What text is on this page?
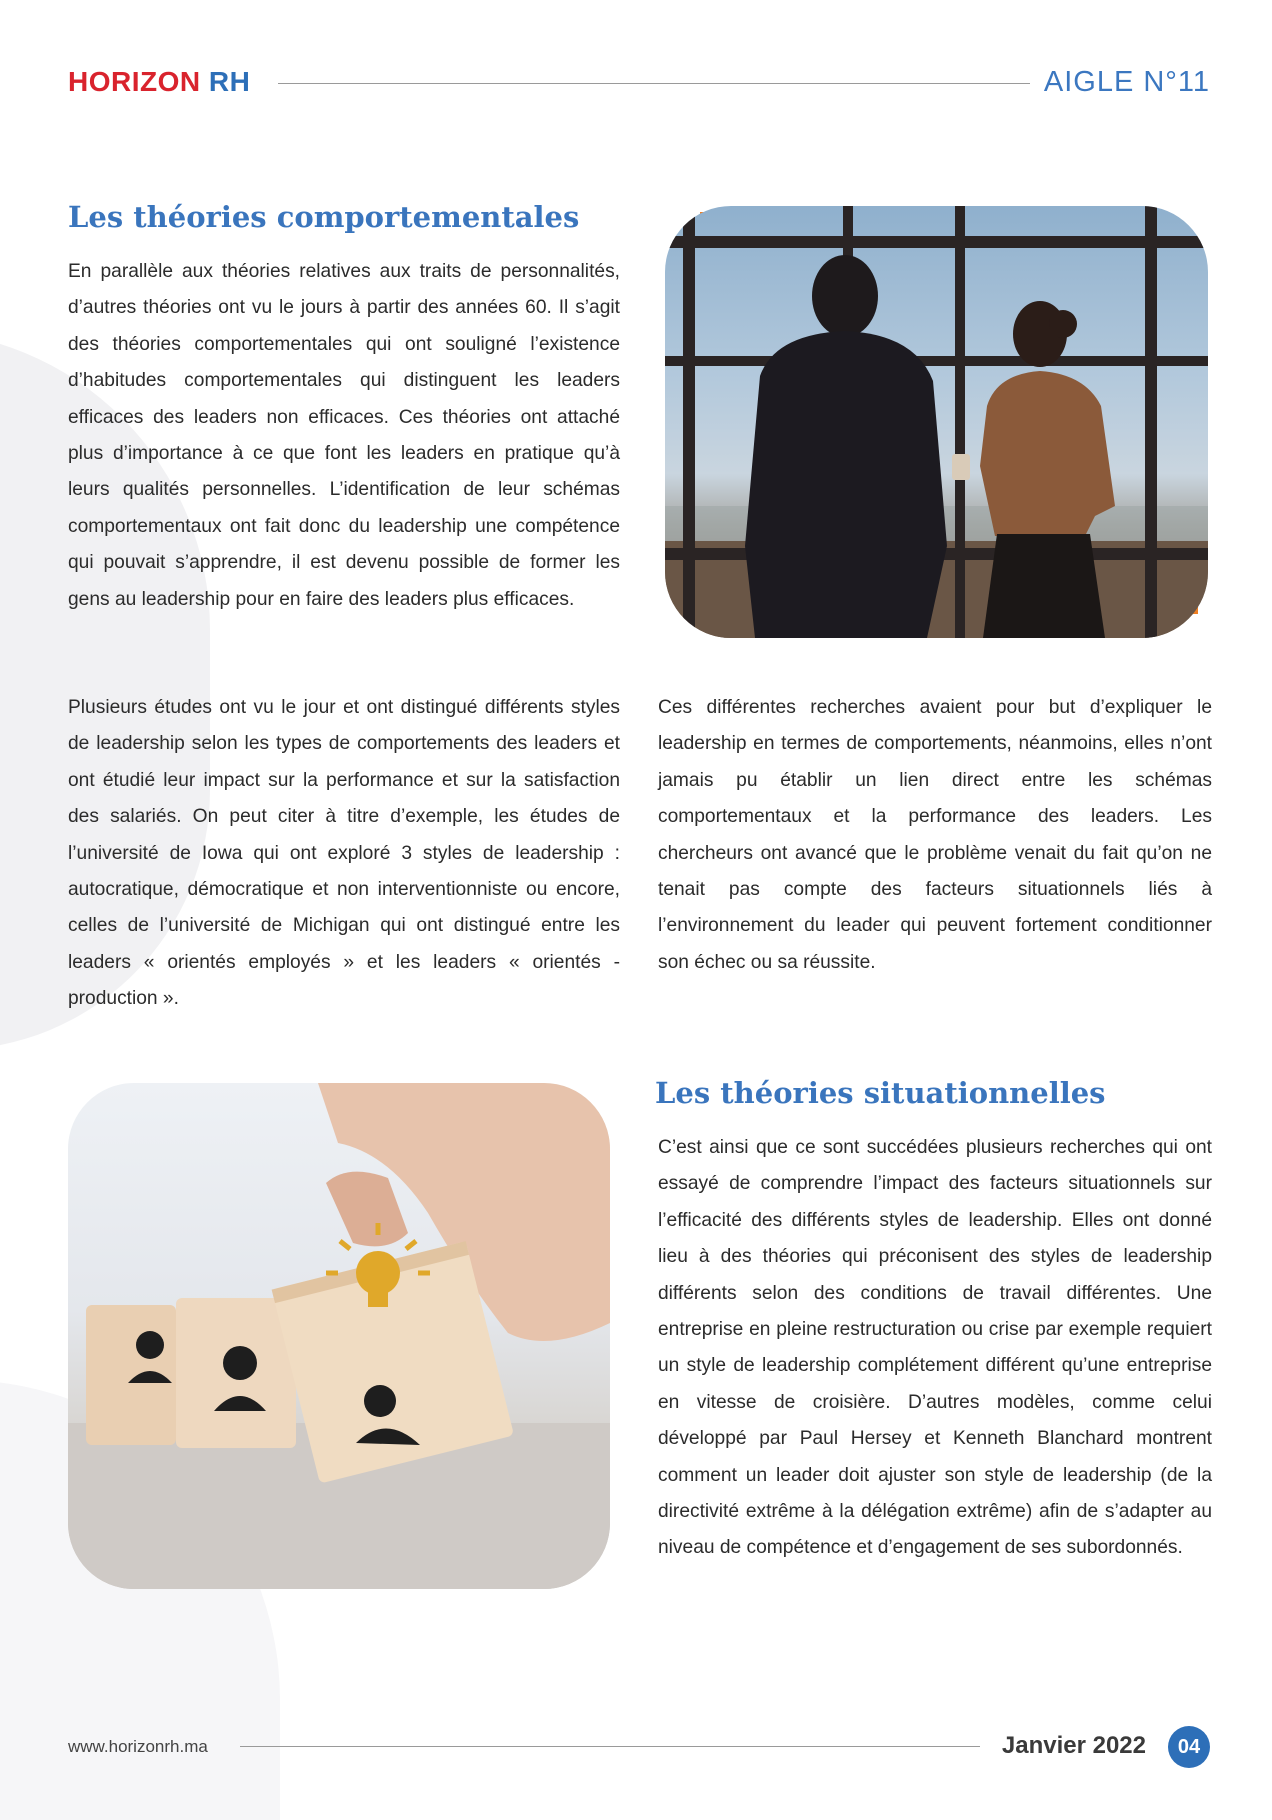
HORIZON RH	AIGLE N°11
Les théories comportementales

En parallèle aux théories relatives aux traits de personnalités, d’autres théories ont vu le jours à partir des années 60. Il s’agit des théories comportementales qui ont souligné l’existence d’habitudes comportementales qui distinguent les leaders efficaces des leaders non efficaces. Ces théories ont attaché plus d’importance à ce que font les leaders en pratique qu’à leurs qualités personnelles. L’identification de leur schémas comportementaux ont fait donc du leadership une compétence qui pouvait s’apprendre, il est devenu possible de former les gens au leadership pour en faire des leaders plus efficaces.

Plusieurs études ont vu le jour et ont distingué différents styles de leadership selon les types de comportements des leaders et ont étudié leur impact sur la performance et sur la satisfaction des salariés. On peut citer à titre d’exemple, les études de l’université de Iowa qui ont exploré 3 styles de leadership : autocratique, démocratique et non interventionniste ou encore, celles de l’université de Michigan qui ont distingué entre les leaders « orientés employés » et les leaders « orientés -production ».

Ces différentes recherches avaient pour but d’expliquer le leadership en termes de comportements, néanmoins, elles n’ont jamais pu établir un lien direct entre les schémas comportementaux et la performance des leaders. Les chercheurs ont avancé que le problème venait du fait qu’on ne tenait pas compte des facteurs situationnels liés à l’environnement du leader qui peuvent fortement conditionner son échec ou sa réussite.

Les théories situationnelles

C’est ainsi que ce sont succédées plusieurs recherches qui ont essayé de comprendre l’impact des facteurs situationnels sur l’efficacité des différents styles de leadership. Elles ont donné lieu à des théories qui préconisent des styles de leadership différents selon des conditions de travail différentes. Une entreprise en pleine restructuration ou crise par exemple requiert un style de leadership complétement différent qu’une entreprise en vitesse de croisière. D’autres modèles, comme celui développé par Paul Hersey et Kenneth Blanchard montrent comment un leader doit ajuster son style de leadership (de la directivité extrême à la délégation extrême) afin de s’adapter au niveau de compétence et d’engagement de ses subordonnés.

www.horizonrh.ma	Janvier 2022	04
